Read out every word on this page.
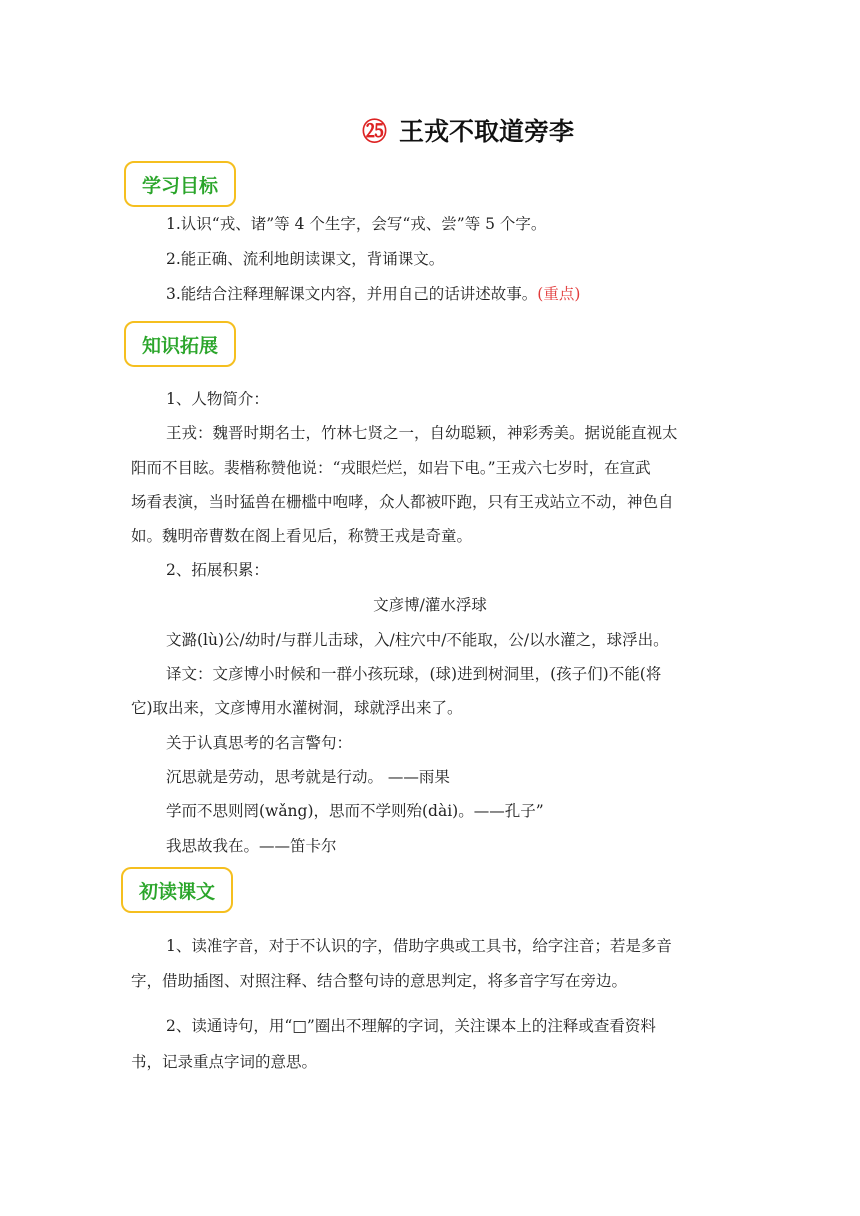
㉕ 王戎不取道旁李
学习目标
1.认识“戎、诸”等 4 个生字，会写“戎、尝”等 5 个字。
2.能正确、流利地朗读课文，背诵课文。
3.能结合注释理解课文内容，并用自己的话讲述故事。(重点)
知识拓展
1、人物简介：
王戎：魏晋时期名士，竹林七贤之一，自幼聪颖，神彩秀美。据说能直视太
阳而不目眩。裴楷称赞他说：“戎眼烂烂，如岩下电。”王戎六七岁时，在宣武
场看表演，当时猛兽在栅槛中咆哮，众人都被吓跑，只有王戎站立不动，神色自
如。魏明帝曹数在阁上看见后，称赞王戎是奇童。
2、拓展积累：
文彦博/灌水浮球
文潞(lù)公/幼时/与群儿击球，入/柱穴中/不能取，公/以水灌之，球浮出。
译文：文彦博小时候和一群小孩玩球，(球)进到树洞里，(孩子们)不能(将
它)取出来，文彦博用水灌树洞，球就浮出来了。
关于认真思考的名言警句：
沉思就是劳动，思考就是行动。 ——雨果
学而不思则罔(wǎng)，思而不学则殆(dài)。——孔子”
我思故我在。——笛卡尔
初读课文
1、读准字音，对于不认识的字，借助字典或工具书，给字注音；若是多音
字，借助插图、对照注释、结合整句诗的意思判定，将多音字写在旁边。
2、读通诗句，用“□”圈出不理解的字词，关注课本上的注释或查看资料
书，记录重点字词的意思。
